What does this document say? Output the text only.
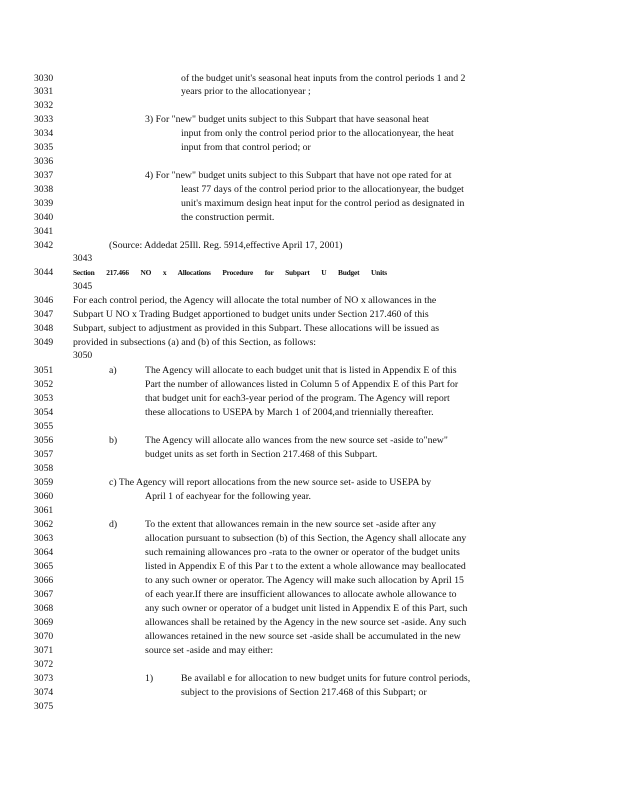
3030	of the budget unit's seasonal heat inputs from the control periods 1 and 2
3031	years prior to the allocationyear ;
3032
3033	3) For "new" budget units subject to this Subpart that have seasonal heat
3034	input from only the control period prior to the allocationyear, the heat
3035	input from that control period; or
3036
3037	4) For "new" budget units subject to this Subpart that have not ope rated for at
3038	least 77 days of the control period prior to the allocationyear, the budget
3039	unit's maximum design heat input for the control period as designated in
3040	the construction permit.
3041
3042	(Source: Addedat 25Ill. Reg. 5914,effective April 17, 2001)
3043
3044	Section 217.466 NO x Allocations Procedure for Subpart U Budget Units
3045
3046	For each control period, the Agency will allocate the total number of NO x allowances in the
3047	Subpart U NO x Trading Budget apportioned to budget units under Section 217.460 of this
3048	Subpart, subject to adjustment as provided in this Subpart. These allocations will be issued as
3049	provided in subsections (a) and (b) of this Section, as follows:
3050
3051	a)	The Agency will allocate to each budget unit that is listed in Appendix E of this
3052	Part the number of allowances listed in Column 5 of Appendix E of this Part for
3053	that budget unit for each3-year period of the program. The Agency will report
3054	these allocations to USEPA by March 1 of 2004,and triennially thereafter.
3055
3056	b)	The Agency will allocate allo wances from the new source set -aside to"new"
3057	budget units as set forth in Section 217.468 of this Subpart.
3058
3059	c) The Agency will report allocations from the new source set- aside to USEPA by
3060	April 1 of eachyear for the following year.
3061
3062	d)	To the extent that allowances remain in the new source set -aside after any
3063	allocation pursuant to subsection (b) of this Section, the Agency shall allocate any
3064	such remaining allowances pro -rata to the owner or operator of the budget units
3065	listed in Appendix E of this Par t to the extent a whole allowance may beallocated
3066	to any such owner or operator. The Agency will make such allocation by April 15
3067	of each year.If there are insufficient allowances to allocate awhole allowance to
3068	any such owner or operator of a budget unit listed in Appendix E of this Part, such
3069	allowances shall be retained by the Agency in the new source set -aside. Any such
3070	allowances retained in the new source set -aside shall be accumulated in the new
3071	source set -aside and may either:
3072
3073	1)	Be availabl e for allocation to new budget units for future control periods,
3074	subject to the provisions of Section 217.468 of this Subpart; or
3075
